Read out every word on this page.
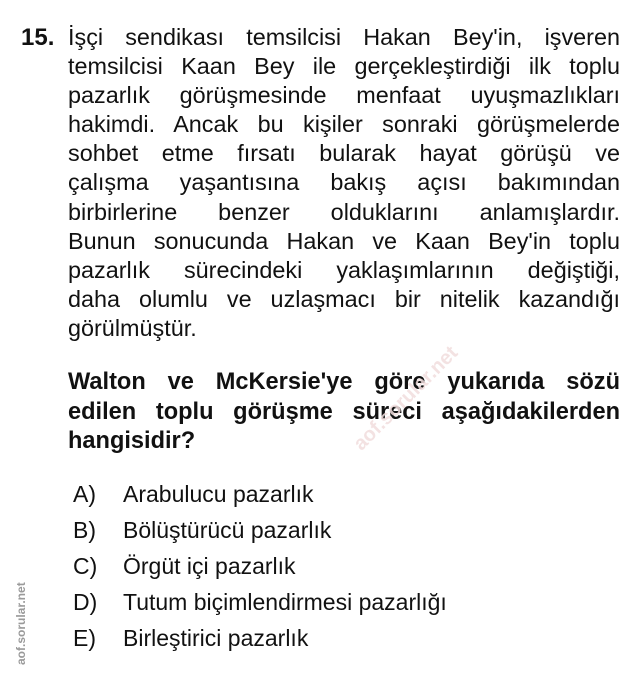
15. İşçi sendikası temsilcisi Hakan Bey'in, işveren
temsilcisi Kaan Bey ile gerçekleştirdiği ilk toplu
pazarlık görüşmesinde menfaat uyuşmazlıkları
hakimdi. Ancak bu kişiler sonraki görüşmelerde
sohbet etme fırsatı bularak hayat görüşü ve
çalışma yaşantısına bakış açısı bakımından
birbirlerine benzer olduklarını anlamışlardır.
Bunun sonucunda Hakan ve Kaan Bey'in toplu
pazarlık sürecindeki yaklaşımlarının değiştiği,
daha olumlu ve uzlaşmacı bir nitelik kazandığı
görülmüştür.
Walton ve McKersie'ye göre yukarıda sözü
edilen toplu görüşme süreci aşağıdakilerden
hangisidir?	aof.sorular.net
A) Arabulucu pazarlık
B) Bölüştürücü pazarlık
C) Örgüt içi pazarlık
D) Tutum biçimlendirmesi pazarlığı
E) Birleştirici pazarlık
aof.sorular.net
